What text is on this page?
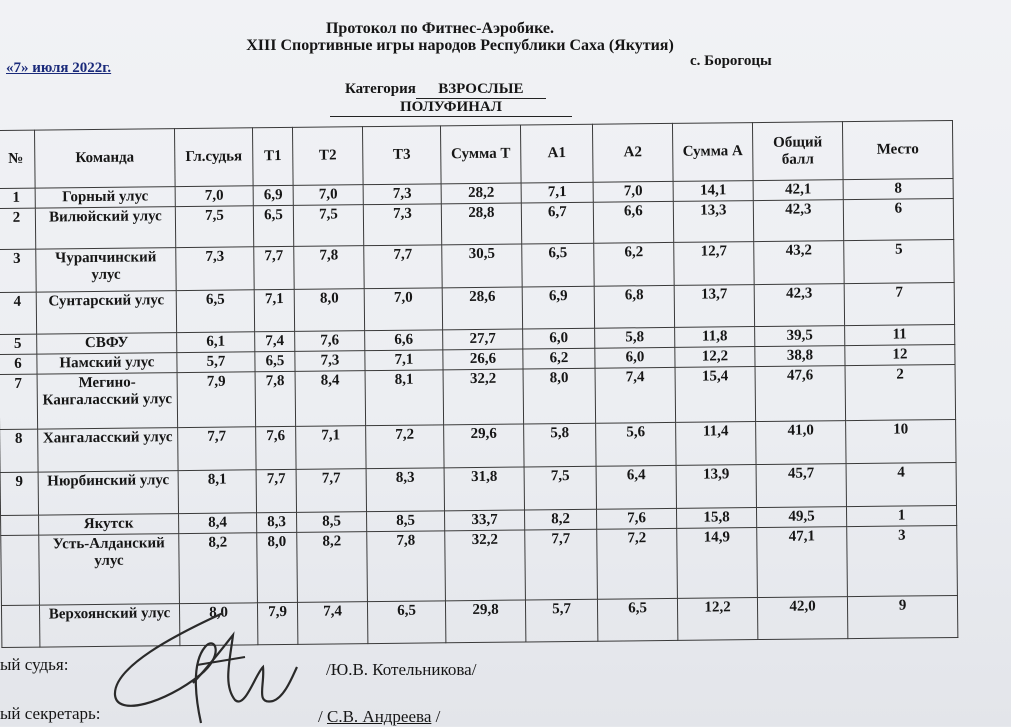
Протокол по Фитнес-Аэробике.
XIII Спортивные игры народов Республики Саха (Якутия)
«7» июля 2022г.	с. Борогоцы
Категория ВЗРОСЛЫЕ
ПОЛУФИНАЛ
№	Команда	Гл.судья	Т1	Т2	Т3	Сумма Т	А1	А2	Сумма А	Общий балл	Место
1	Горный улус	7,0	6,9	7,0	7,3	28,2	7,1	7,0	14,1	42,1	8
2	Вилюйский улус	7,5	6,5	7,5	7,3	28,8	6,7	6,6	13,3	42,3	6
3	Чурапчинский улус	7,3	7,7	7,8	7,7	30,5	6,5	6,2	12,7	43,2	5
4	Сунтарский улус	6,5	7,1	8,0	7,0	28,6	6,9	6,8	13,7	42,3	7
5	СВФУ	6,1	7,4	7,6	6,6	27,7	6,0	5,8	11,8	39,5	11
6	Намский улус	5,7	6,5	7,3	7,1	26,6	6,2	6,0	12,2	38,8	12
7	Мегино-Кангаласский улус	7,9	7,8	8,4	8,1	32,2	8,0	7,4	15,4	47,6	2
8	Хангаласский улус	7,7	7,6	7,1	7,2	29,6	5,8	5,6	11,4	41,0	10
9	Нюрбинский улус	8,1	7,7	7,7	8,3	31,8	7,5	6,4	13,9	45,7	4
	Якутск	8,4	8,3	8,5	8,5	33,7	8,2	7,6	15,8	49,5	1
	Усть-Алданский улус	8,2	8,0	8,2	7,8	32,2	7,7	7,2	14,9	47,1	3
	Верхоянский улус	8,0	7,9	7,4	6,5	29,8	5,7	6,5	12,2	42,0	9
ый судья:	/Ю.В. Котельникова/
ый секретарь:	/ С.В. Андреева /
